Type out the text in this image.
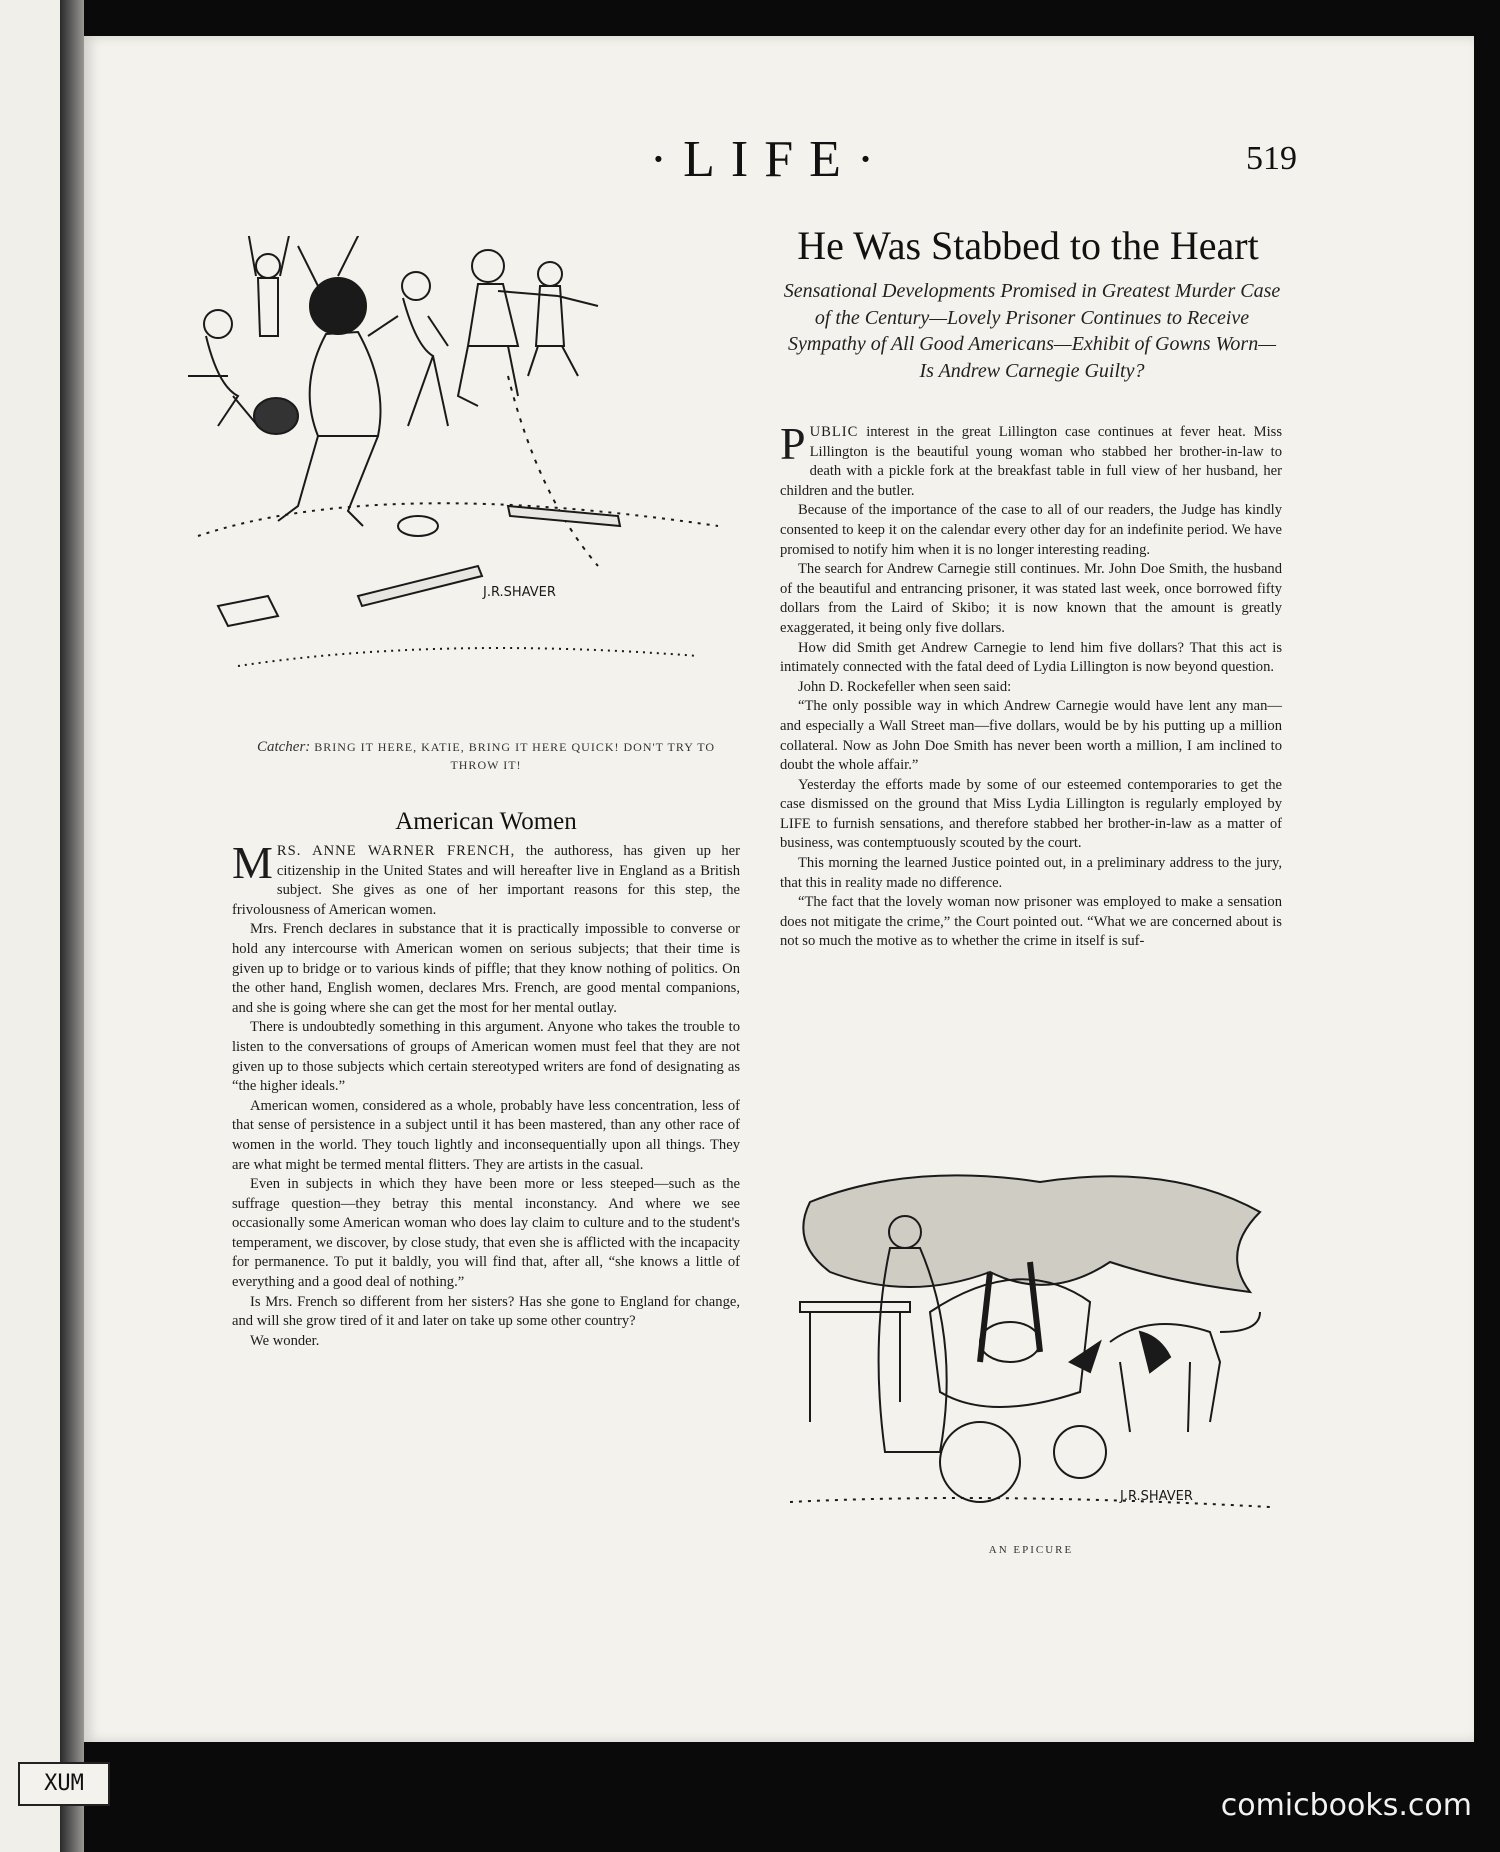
·LIFE·	519
J.R.SHAVER
Catcher: BRING IT HERE, KATIE, BRING IT HERE QUICK! DON'T TRY TO THROW IT!
American Women

MRS. ANNE WARNER FRENCH, the authoress, has given up her citizenship in the United States and will hereafter live in England as a British subject. She gives as one of her important reasons for this step, the frivolousness of American women.

Mrs. French declares in substance that it is practically impossible to converse or hold any intercourse with American women on serious subjects; that their time is given up to bridge or to various kinds of piffle; that they know nothing of politics. On the other hand, English women, declares Mrs. French, are good mental companions, and she is going where she can get the most for her mental outlay.

There is undoubtedly something in this argument. Anyone who takes the trouble to listen to the conversations of groups of American women must feel that they are not given up to those subjects which certain stereotyped writers are fond of designating as “the higher ideals.”

American women, considered as a whole, probably have less concentration, less of that sense of persistence in a subject until it has been mastered, than any other race of women in the world. They touch lightly and inconsequentially upon all things. They are what might be termed mental flitters. They are artists in the casual.

Even in subjects in which they have been more or less steeped—such as the suffrage question—they betray this mental inconstancy. And where we see occasionally some American woman who does lay claim to culture and to the student's temperament, we discover, by close study, that even she is afflicted with the incapacity for permanence. To put it baldly, you will find that, after all, “she knows a little of everything and a good deal of nothing.”

Is Mrs. French so different from her sisters? Has she gone to England for change, and will she grow tired of it and later on take up some other country?

We wonder.

He Was Stabbed to the Heart
Sensational Developments Promised in Greatest Murder Case of the Century—Lovely Prisoner Continues to Receive Sympathy of All Good Americans—Exhibit of Gowns Worn—Is Andrew Carnegie Guilty?

PUBLIC interest in the great Lillington case continues at fever heat. Miss Lillington is the beautiful young woman who stabbed her brother-in-law to death with a pickle fork at the breakfast table in full view of her husband, her children and the butler.

Because of the importance of the case to all of our readers, the Judge has kindly consented to keep it on the calendar every other day for an indefinite period. We have promised to notify him when it is no longer interesting reading.

The search for Andrew Carnegie still continues. Mr. John Doe Smith, the husband of the beautiful and entrancing prisoner, it was stated last week, once borrowed fifty dollars from the Laird of Skibo; it is now known that the amount is greatly exaggerated, it being only five dollars.

How did Smith get Andrew Carnegie to lend him five dollars? That this act is intimately connected with the fatal deed of Lydia Lillington is now beyond question.

John D. Rockefeller when seen said:

“The only possible way in which Andrew Carnegie would have lent any man—and especially a Wall Street man—five dollars, would be by his putting up a million collateral. Now as John Doe Smith has never been worth a million, I am inclined to doubt the whole affair.”

Yesterday the efforts made by some of our esteemed contemporaries to get the case dismissed on the ground that Miss Lydia Lillington is regularly employed by LIFE to furnish sensations, and therefore stabbed her brother-in-law as a matter of business, was contemptuously scouted by the court.

This morning the learned Justice pointed out, in a preliminary address to the jury, that this in reality made no difference.

“The fact that the lovely woman now prisoner was employed to make a sensation does not mitigate the crime,” the Court pointed out. “What we are concerned about is not so much the motive as to whether the crime in itself is suf-

J.R.SHAVER
AN EPICURE
XUM
comicbooks.com
